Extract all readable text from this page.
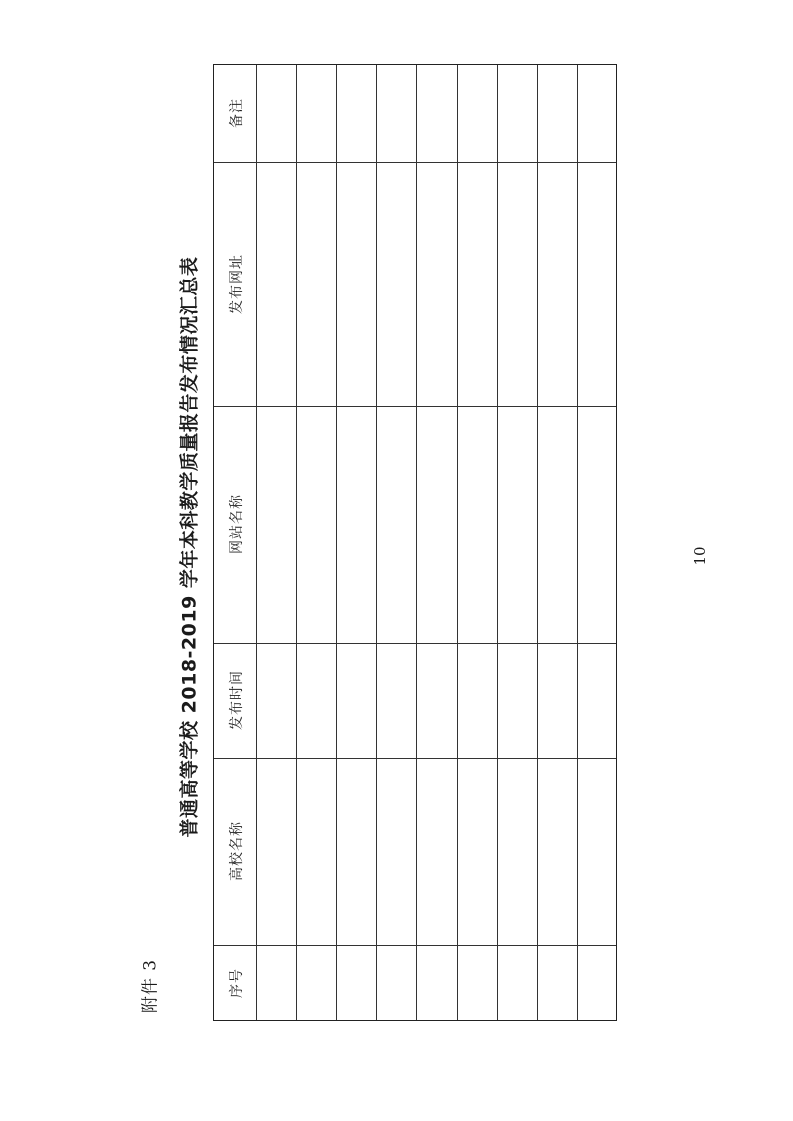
附件 3
普通高等学校 2018-2019 学年本科教学质量报告发布情况汇总表
序号
高校名称
发布时间
网站名称
发布网址
备注
10
